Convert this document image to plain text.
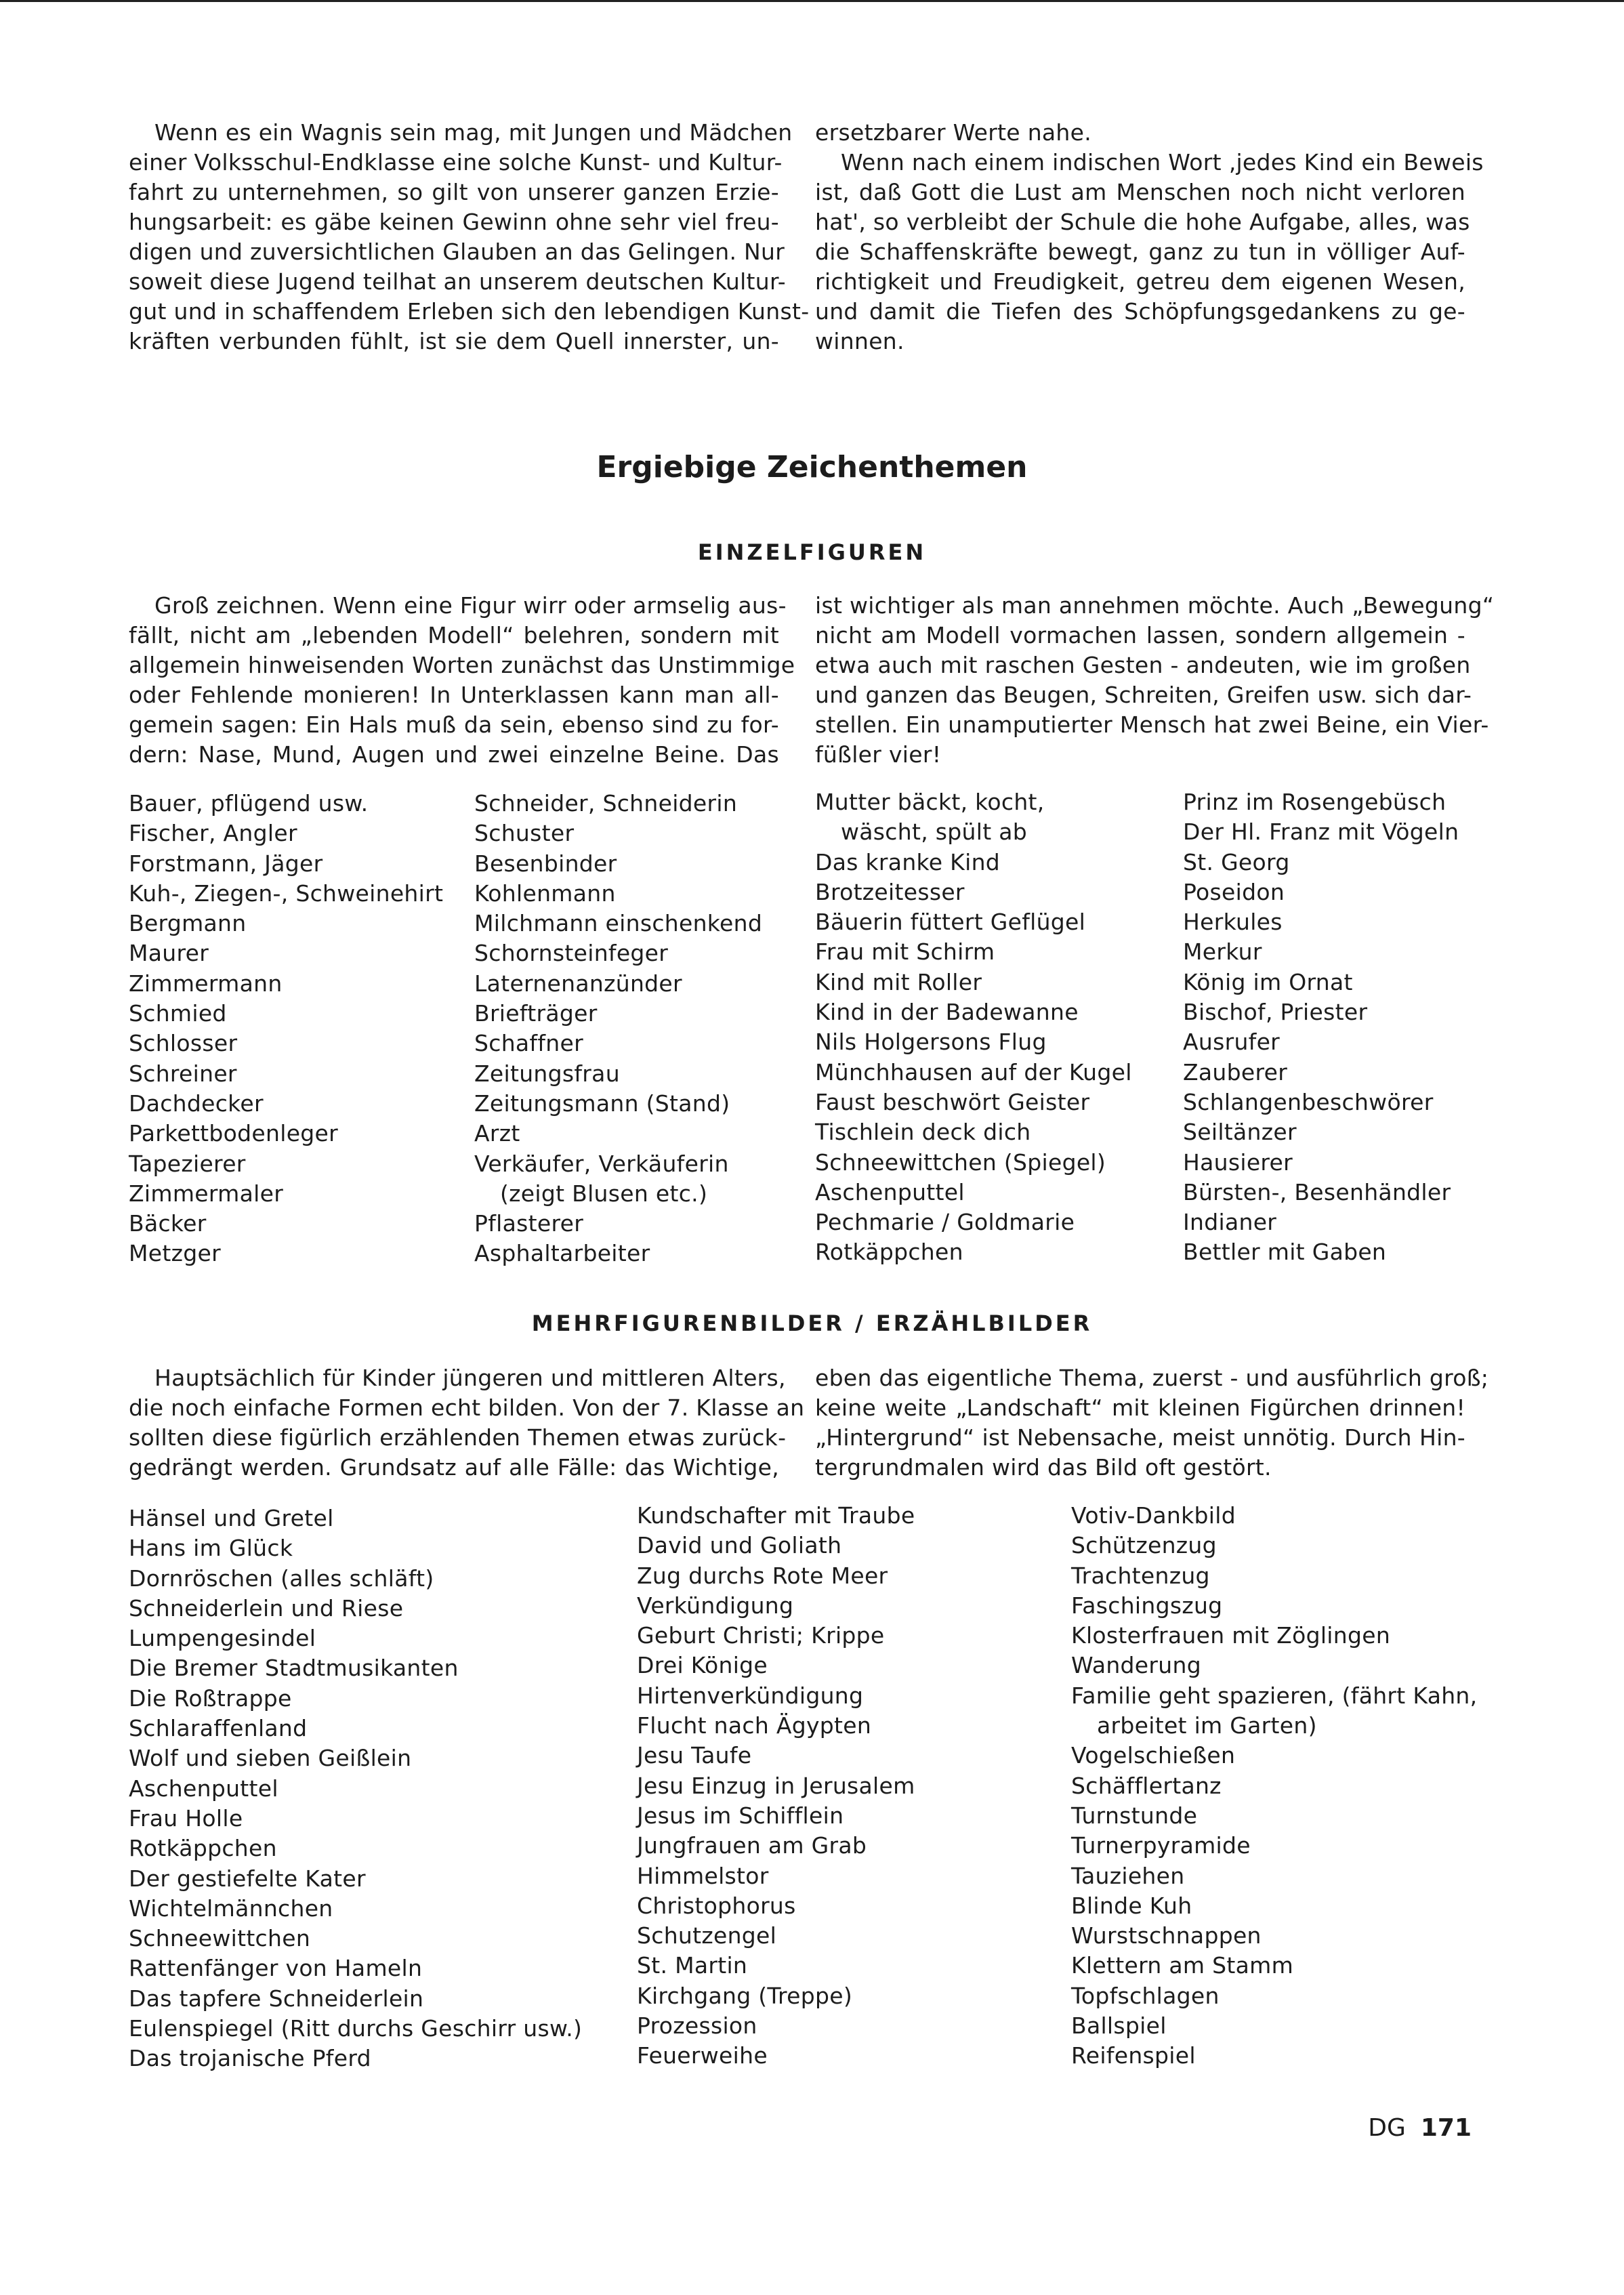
Wenn es ein Wagnis sein mag, mit Jungen und Mädchen
einer Volksschul-Endklasse eine solche Kunst- und Kultur-
fahrt zu unternehmen, so gilt von unserer ganzen Erzie-
hungsarbeit: es gäbe keinen Gewinn ohne sehr viel freu-
digen und zuversichtlichen Glauben an das Gelingen. Nur
soweit diese Jugend teilhat an unserem deutschen Kultur-
gut und in schaffendem Erleben sich den lebendigen Kunst-
kräften verbunden fühlt, ist sie dem Quell innerster, un-
ersetzbarer Werte nahe.
Wenn nach einem indischen Wort ‚jedes Kind ein Beweis
ist, daß Gott die Lust am Menschen noch nicht verloren
hat', so verbleibt der Schule die hohe Aufgabe, alles, was
die Schaffenskräfte bewegt, ganz zu tun in völliger Auf-
richtigkeit und Freudigkeit, getreu dem eigenen Wesen,
und damit die Tiefen des Schöpfungsgedankens zu ge-
winnen.
Ergiebige Zeichenthemen
EINZELFIGUREN
Groß zeichnen. Wenn eine Figur wirr oder armselig aus-
fällt, nicht am „lebenden Modell“ belehren, sondern mit
allgemein hinweisenden Worten zunächst das Unstimmige
oder Fehlende monieren! In Unterklassen kann man all-
gemein sagen: Ein Hals muß da sein, ebenso sind zu for-
dern: Nase, Mund, Augen und zwei einzelne Beine. Das
ist wichtiger als man annehmen möchte. Auch „Bewegung“
nicht am Modell vormachen lassen, sondern allgemein -
etwa auch mit raschen Gesten - andeuten, wie im großen
und ganzen das Beugen, Schreiten, Greifen usw. sich dar-
stellen. Ein unamputierter Mensch hat zwei Beine, ein Vier-
füßler vier!
Bauer, pflügend usw.
Fischer, Angler
Forstmann, Jäger
Kuh-, Ziegen-, Schweinehirt
Bergmann
Maurer
Zimmermann
Schmied
Schlosser
Schreiner
Dachdecker
Parkettbodenleger
Tapezierer
Zimmermaler
Bäcker
Metzger
Schneider, Schneiderin
Schuster
Besenbinder
Kohlenmann
Milchmann einschenkend
Schornsteinfeger
Laternenanzünder
Briefträger
Schaffner
Zeitungsfrau
Zeitungsmann (Stand)
Arzt
Verkäufer, Verkäuferin
(zeigt Blusen etc.)
Pflasterer
Asphaltarbeiter
Mutter bäckt, kocht,
wäscht, spült ab
Das kranke Kind
Brotzeitesser
Bäuerin füttert Geflügel
Frau mit Schirm
Kind mit Roller
Kind in der Badewanne
Nils Holgersons Flug
Münchhausen auf der Kugel
Faust beschwört Geister
Tischlein deck dich
Schneewittchen (Spiegel)
Aschenputtel
Pechmarie / Goldmarie
Rotkäppchen
Prinz im Rosengebüsch
Der Hl. Franz mit Vögeln
St. Georg
Poseidon
Herkules
Merkur
König im Ornat
Bischof, Priester
Ausrufer
Zauberer
Schlangenbeschwörer
Seiltänzer
Hausierer
Bürsten-, Besenhändler
Indianer
Bettler mit Gaben
MEHRFIGURENBILDER / ERZÄHLBILDER
Hauptsächlich für Kinder jüngeren und mittleren Alters,
die noch einfache Formen echt bilden. Von der 7. Klasse an
sollten diese figürlich erzählenden Themen etwas zurück-
gedrängt werden. Grundsatz auf alle Fälle: das Wichtige,
eben das eigentliche Thema, zuerst - und ausführlich groß;
keine weite „Landschaft“ mit kleinen Figürchen drinnen!
„Hintergrund“ ist Nebensache, meist unnötig. Durch Hin-
tergrundmalen wird das Bild oft gestört.
Hänsel und Gretel
Hans im Glück
Dornröschen (alles schläft)
Schneiderlein und Riese
Lumpengesindel
Die Bremer Stadtmusikanten
Die Roßtrappe
Schlaraffenland
Wolf und sieben Geißlein
Aschenputtel
Frau Holle
Rotkäppchen
Der gestiefelte Kater
Wichtelmännchen
Schneewittchen
Rattenfänger von Hameln
Das tapfere Schneiderlein
Eulenspiegel (Ritt durchs Geschirr usw.)
Das trojanische Pferd
Kundschafter mit Traube
David und Goliath
Zug durchs Rote Meer
Verkündigung
Geburt Christi; Krippe
Drei Könige
Hirtenverkündigung
Flucht nach Ägypten
Jesu Taufe
Jesu Einzug in Jerusalem
Jesus im Schifflein
Jungfrauen am Grab
Himmelstor
Christophorus
Schutzengel
St. Martin
Kirchgang (Treppe)
Prozession
Feuerweihe
Votiv-Dankbild
Schützenzug
Trachtenzug
Faschingszug
Klosterfrauen mit Zöglingen
Wanderung
Familie geht spazieren, (fährt Kahn,
arbeitet im Garten)
Vogelschießen
Schäfflertanz
Turnstunde
Turnerpyramide
Tauziehen
Blinde Kuh
Wurstschnappen
Klettern am Stamm
Topfschlagen
Ballspiel
Reifenspiel
DG 171
